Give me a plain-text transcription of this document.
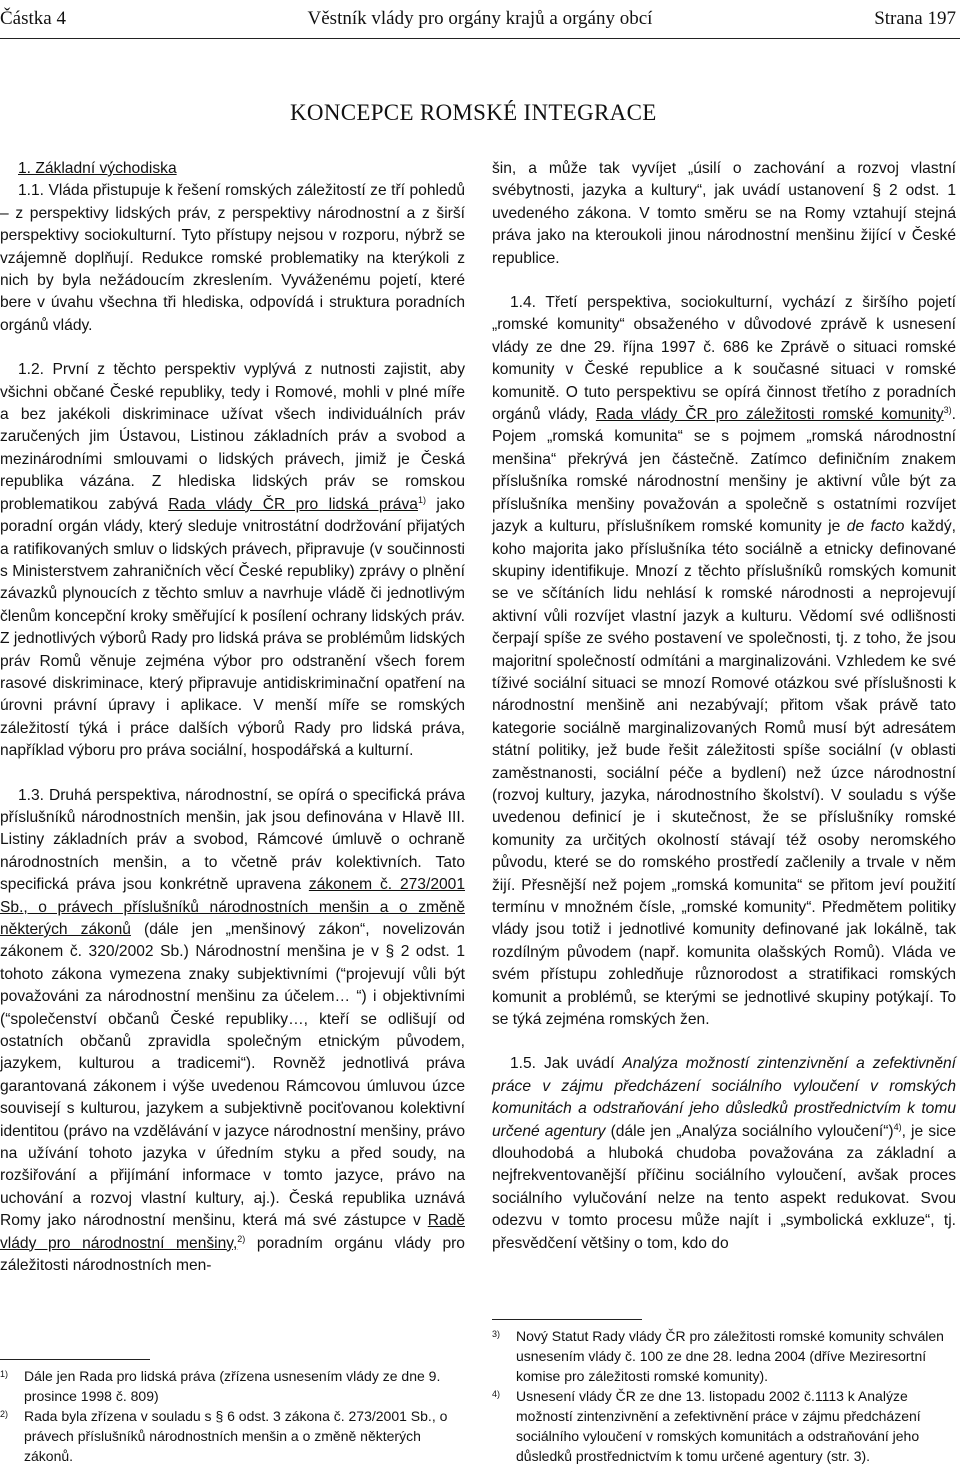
Částka 4	Věstník vlády pro orgány krajů a orgány obcí	Strana 197
KONCEPCE ROMSKÉ INTEGRACE

1. Základní východiska

1.1. Vláda přistupuje k řešení romských záležitostí ze tří pohledů – z perspektivy lidských práv, z perspektivy národnostní a z širší perspektivy sociokulturní. Tyto přístupy nejsou v rozporu, nýbrž se vzájemně doplňují. Redukce romské problematiky na kterýkoli z nich by byla nežádoucím zkreslením. Vyváženému pojetí, které bere v úvahu všechna tři hlediska, odpovídá i struktura poradních orgánů vlády.

1.2. První z těchto perspektiv vyplývá z nutnosti zajistit, aby všichni občané České republiky, tedy i Romové, mohli v plné míře a bez jakékoli diskriminace užívat všech individuálních práv zaručených jim Ústavou, Listinou základních práv a svobod a mezinárodními smlouvami o lidských právech, jimiž je Česká republika vázána. Z hlediska lidských práv se romskou problematikou zabývá Rada vlády ČR pro lidská práva$^{1)}$ jako poradní orgán vlády, který sleduje vnitrostátní dodržování přijatých a ratifikovaných smluv o lidských právech, připravuje (v součinnosti s Ministerstvem zahraničních věcí České republiky) zprávy o plnění závazků plynoucích z těchto smluv a navrhuje vládě či jednotlivým členům koncepční kroky směřující k posílení ochrany lidských práv. Z jednotlivých výborů Rady pro lidská práva se problémům lidských práv Romů věnuje zejména výbor pro odstranění všech forem rasové diskriminace, který připravuje antidiskriminační opatření na úrovni právní úpravy i aplikace. V menší míře se romských záležitostí týká i práce dalších výborů Rady pro lidská práva, například výboru pro práva sociální, hospodářská a kulturní.

1.3. Druhá perspektiva, národnostní, se opírá o specifická práva příslušníků národnostních menšin, jak jsou definována v Hlavě III. Listiny základních práv a svobod, Rámcové úmluvě o ochraně národnostních menšin, a to včetně práv kolektivních. Tato specifická práva jsou konkrétně upravena zákonem č. 273/2001 Sb., o právech příslušníků národnostních menšin a o změně některých zákonů (dále jen „menšinový zákon“, novelizován zákonem č. 320/2002 Sb.) Národnostní menšina je v § 2 odst. 1 tohoto zákona vymezena znaky subjektivními (“projevují vůli být považováni za národnostní menšinu za účelem… “) i objektivními (“společenství občanů České republiky…, kteří se odlišují od ostatních občanů zpravidla společným etnickým původem, jazykem, kulturou a tradicemi“). Rovněž jednotlivá práva garantovaná zákonem i výše uvedenou Rámcovou úmluvou úzce souvisejí s kulturou, jazykem a subjektivně pociťovanou kolektivní identitou (právo na vzdělávání v jazyce národnostní menšiny, právo na užívání tohoto jazyka v úředním styku a před soudy, na rozšiřování a přijímání informace v tomto jazyce, právo na uchování a rozvoj vlastní kultury, aj.). Česká republika uznává Romy jako národnostní menšinu, která má své zástupce v Radě vlády pro národnostní menšiny,$^{2)}$ poradním orgánu vlády pro záležitosti národnostních men-

šin, a může tak vyvíjet „úsilí o zachování a rozvoj vlastní svébytnosti, jazyka a kultury“, jak uvádí ustanovení § 2 odst. 1 uvedeného zákona. V tomto směru se na Romy vztahují stejná práva jako na kteroukoli jinou národnostní menšinu žijící v České republice.

1.4. Třetí perspektiva, sociokulturní, vychází z širšího pojetí „romské komunity“ obsaženého v důvodové zprávě k usnesení vlády ze dne 29. října 1997 č. 686 ke Zprávě o situaci romské komunity v České republice a k současné situaci v romské komunitě. O tuto perspektivu se opírá činnost třetího z poradních orgánů vlády, Rada vlády ČR pro záležitosti romské komunity$^{3)}$. Pojem „romská komunita“ se s pojmem „romská národnostní menšina“ překrývá jen částečně. Zatímco definičním znakem příslušníka romské národnostní menšiny je aktivní vůle být za příslušníka menšiny považován a společně s ostatními rozvíjet jazyk a kulturu, příslušníkem romské komunity je de facto každý, koho majorita jako příslušníka této sociálně a etnicky definované skupiny identifikuje. Mnozí z těchto příslušníků romských komunit se ve sčítáních lidu nehlásí k romské národnosti a neprojevují aktivní vůli rozvíjet vlastní jazyk a kulturu. Vědomí své odlišnosti čerpají spíše ze svého postavení ve společnosti, tj. z toho, že jsou majoritní společností odmítáni a marginalizováni. Vzhledem ke své tíživé sociální situaci se mnozí Romové otázkou své příslušnosti k národnostní menšině ani nezabývají; přitom však právě tato kategorie sociálně marginalizovaných Romů musí být adresátem státní politiky, jež bude řešit záležitosti spíše sociální (v oblasti zaměstnanosti, sociální péče a bydlení) než úzce národnostní (rozvoj kultury, jazyka, národnostního školství). V souladu s výše uvedenou definicí je i skutečnost, že se příslušníky romské komunity za určitých okolností stávají též osoby neromského původu, které se do romského prostředí začlenily a trvale v něm žijí. Přesnější než pojem „romská komunita“ se přitom jeví použití termínu v množném čísle, „romské komunity“. Předmětem politiky vlády jsou totiž i jednotlivé komunity definované jak lokálně, tak rozdílným původem (např. komunita olašských Romů). Vláda ve svém přístupu zohledňuje různorodost a stratifikaci romských komunit a problémů, se kterými se jednotlivé skupiny potýkají. To se týká zejména romských žen.

1.5. Jak uvádí Analýza možností zintenzivnění a zefektivnění práce v zájmu předcházení sociálního vyloučení v romských komunitách a odstraňování jeho důsledků prostřednictvím k tomu určené agentury (dále jen „Analýza sociálního vyloučení“)$^{4)}$, je sice dlouhodobá a hluboká chudoba považována za základní a nejfrekventovanější příčinu sociálního vyloučení, avšak proces sociálního vylučování nelze na tento aspekt redukovat. Svou odezvu v tomto procesu může najít i „symbolická exkluze“, tj. přesvědčení většiny o tom, kdo do

1) Dále jen Rada pro lidská práva (zřízena usnesením vlády ze dne 9. prosince 1998 č. 809)
2) Rada byla zřízena v souladu s § 6 odst. 3 zákona č. 273/2001 Sb., o právech příslušníků národnostních menšin a o změně některých zákonů.
3) Nový Statut Rady vlády ČR pro záležitosti romské komunity schválen usnesením vlády č. 100 ze dne 28. ledna 2004 (dříve Meziresortní komise pro záležitosti romské komunity).
4) Usnesení vlády ČR ze dne 13. listopadu 2002 č.1113 k Analýze možností zintenzivnění a zefektivnění práce v zájmu předcházení sociálního vyloučení v romských komunitách a odstraňování jeho důsledků prostřednictvím k tomu určené agentury (str. 3).
